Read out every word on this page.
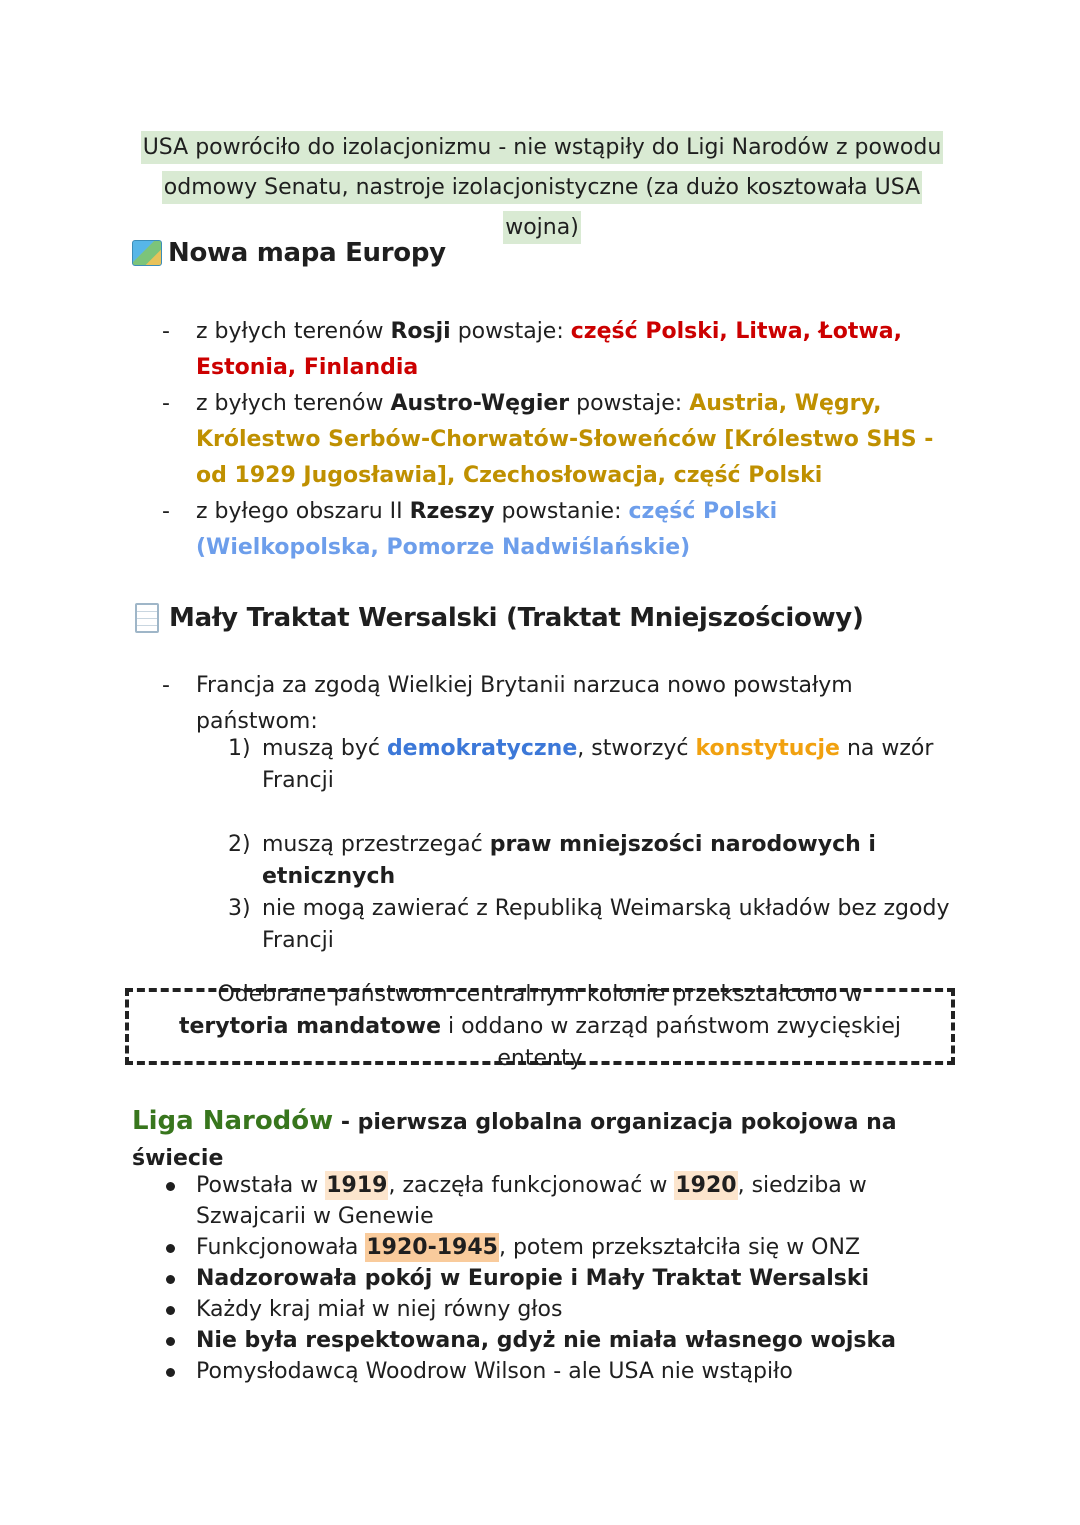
USA powróciło do izolacjonizmu - nie wstąpiły do Ligi Narodów z powodu odmowy Senatu, nastroje izolacjonistyczne (za dużo kosztowała USA wojna)
Nowa mapa Europy
- z byłych terenów Rosji powstaje: część Polski, Litwa, Łotwa, Estonia, Finlandia
- z byłych terenów Austro-Węgier powstaje: Austria, Węgry, Królestwo Serbów-Chorwatów-Słoweńców [Królestwo SHS - od 1929 Jugosławia], Czechosłowacja, część Polski
- z byłego obszaru II Rzeszy powstanie: część Polski (Wielkopolska, Pomorze Nadwiślańskie)
Mały Traktat Wersalski (Traktat Mniejszościowy)
- Francja za zgodą Wielkiej Brytanii narzuca nowo powstałym państwom:
1) muszą być demokratyczne, stworzyć konstytucje na wzór Francji
2) muszą przestrzegać praw mniejszości narodowych i etnicznych
3) nie mogą zawierać z Republiką Weimarską układów bez zgody Francji

Odebrane państwom centralnym kolonie przekształcono w terytoria mandatowe i oddano w zarząd państwom zwycięskiej ententy

Liga Narodów - pierwsza globalna organizacja pokojowa na świecie
Powstała w 1919, zaczęła funkcjonować w 1920, siedziba w Szwajcarii w Genewie
Funkcjonowała 1920-1945, potem przekształciła się w ONZ
Nadzorowała pokój w Europie i Mały Traktat Wersalski
Każdy kraj miał w niej równy głos
Nie była respektowana, gdyż nie miała własnego wojska
Pomysłodawcą Woodrow Wilson - ale USA nie wstąpiło
